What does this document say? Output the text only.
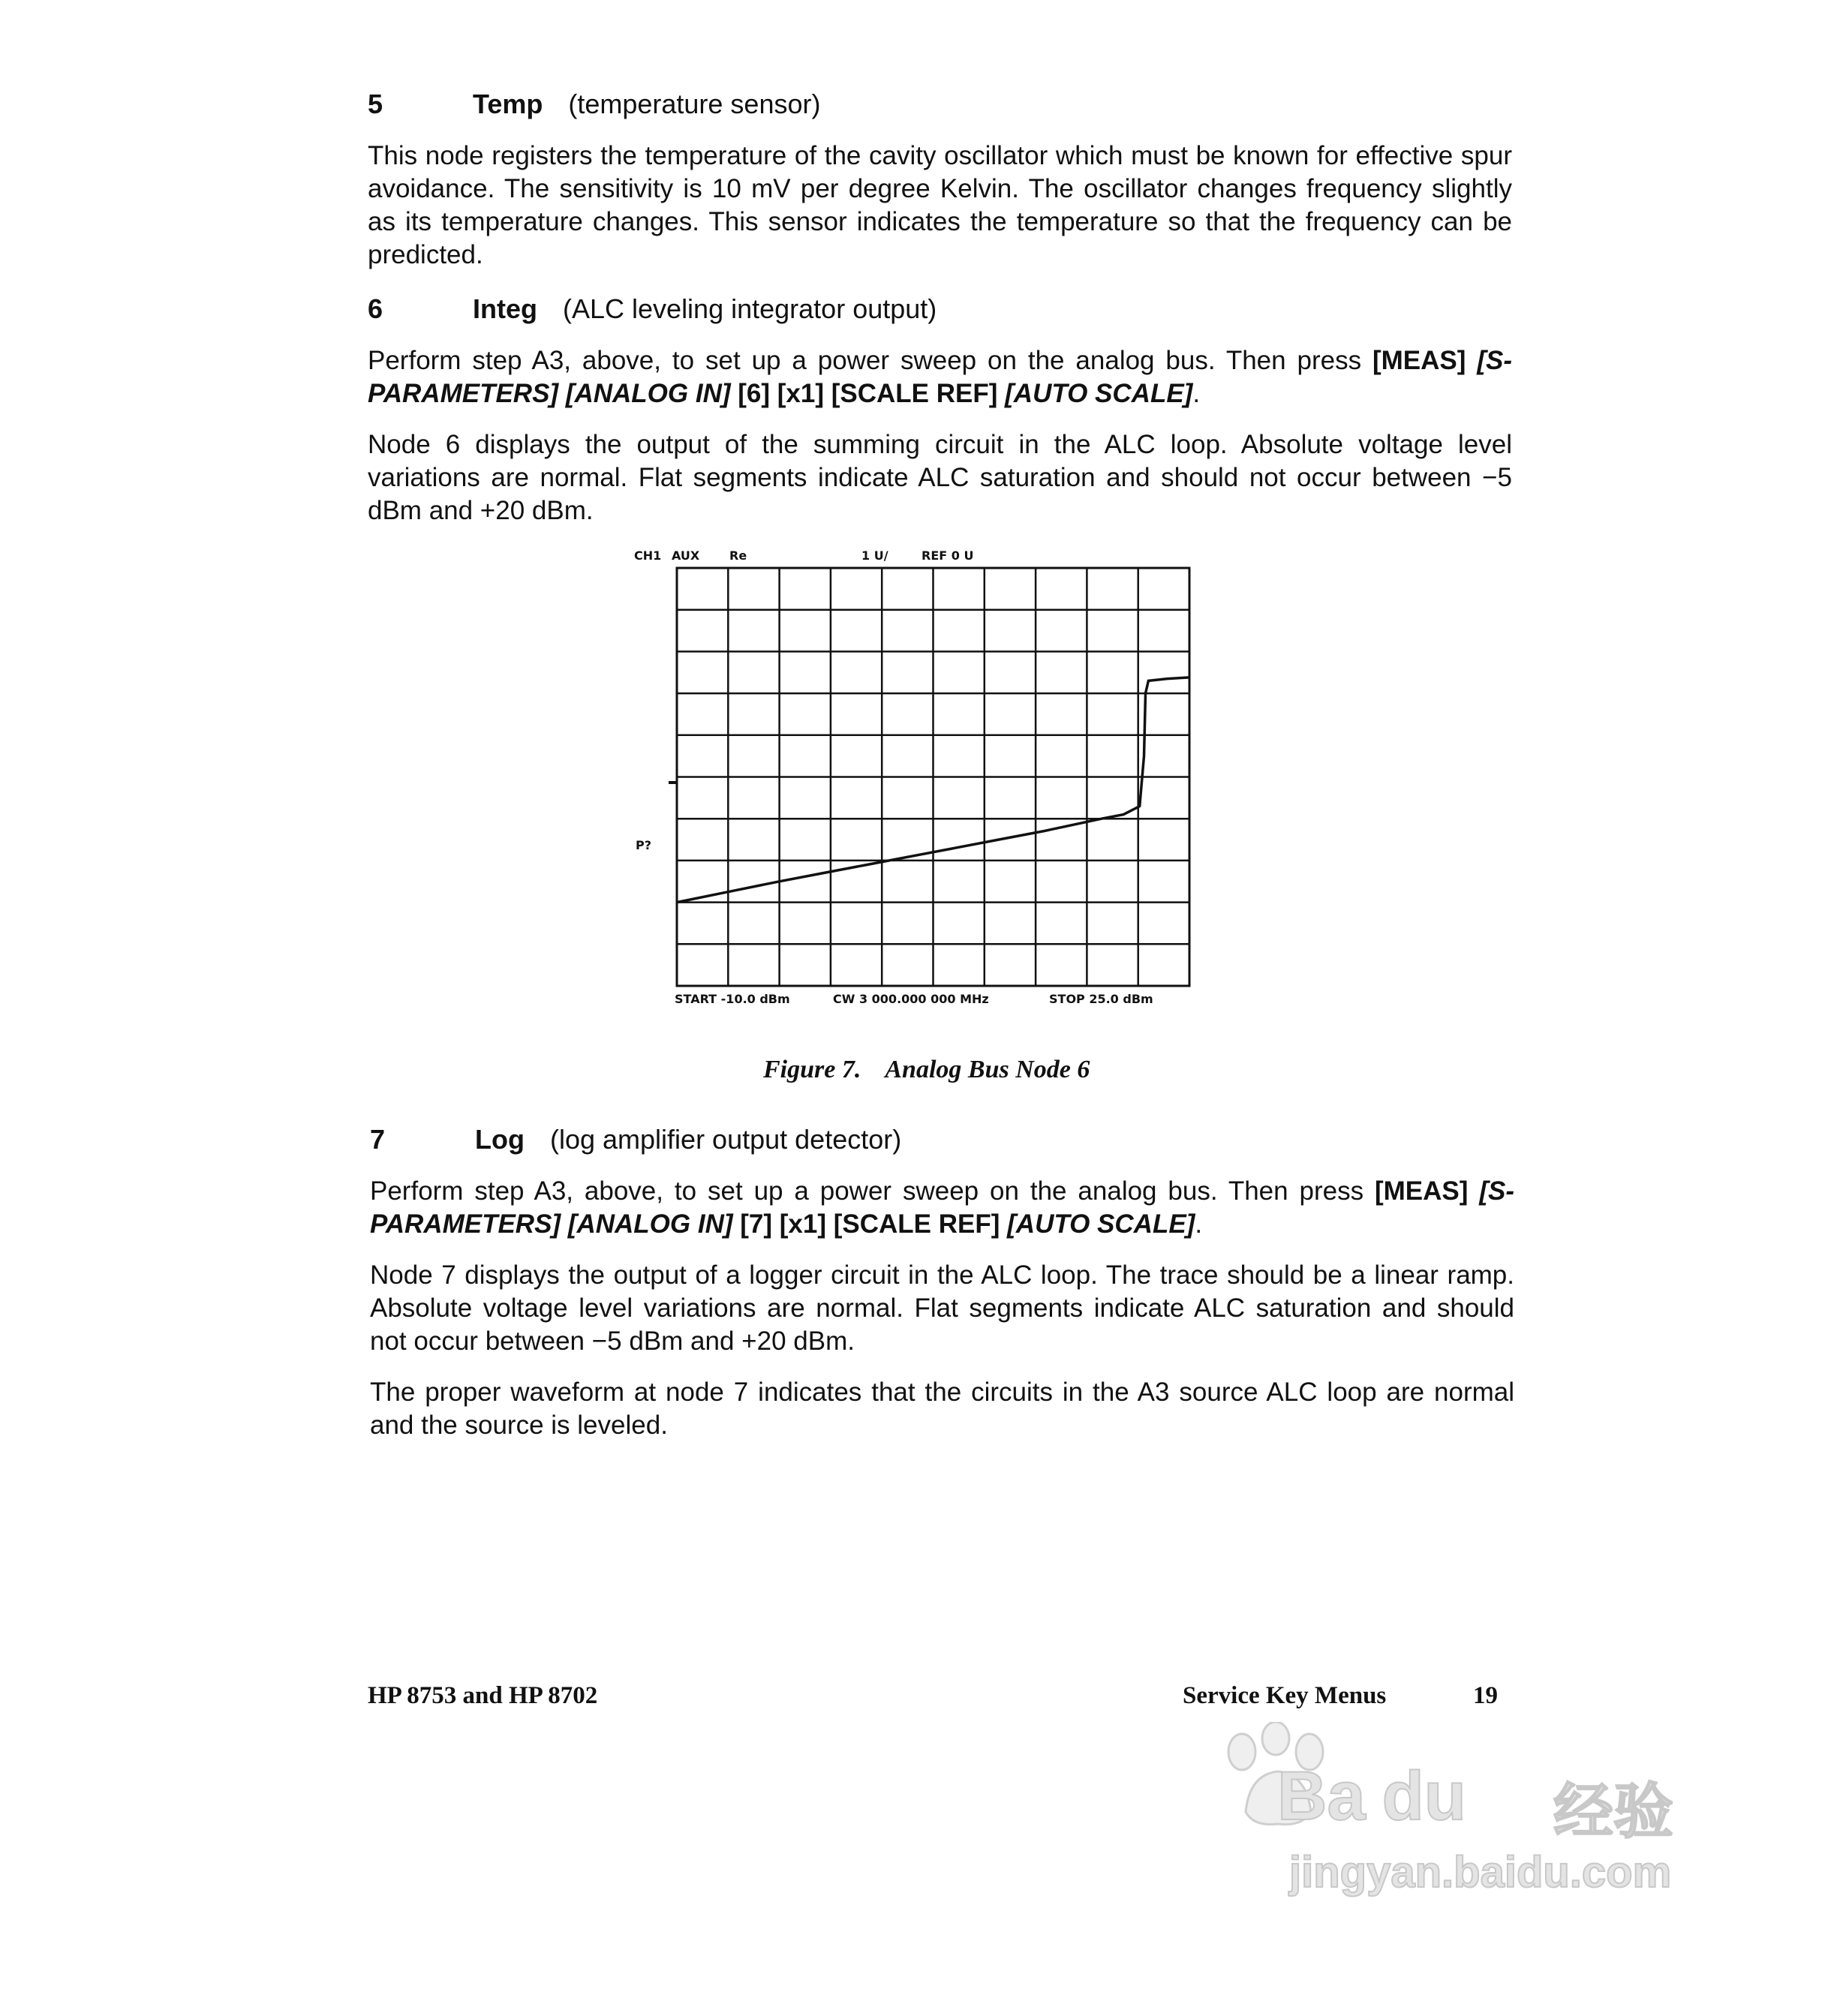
5	Temp (temperature sensor)
This node registers the temperature of the cavity oscillator which must be known for effective spur avoidance. The sensitivity is 10 mV per degree Kelvin. The oscillator changes frequency slightly as its temperature changes. This sensor indicates the temperature so that the frequency can be predicted.
6	Integ (ALC leveling integrator output)
Perform step A3, above, to set up a power sweep on the analog bus. Then press [MEAS] [S-PARAMETERS] [ANALOG IN] [6] [x1] [SCALE REF] [AUTO SCALE].
Node 6 displays the output of the summing circuit in the ALC loop. Absolute voltage level variations are normal. Flat segments indicate ALC saturation and should not occur between −5 dBm and +20 dBm.
CH1 AUX Re	1 U/	REF 0 U
P?
START -10.0 dBm	CW 3 000.000 000 MHz	STOP 25.0 dBm
Figure 7. Analog Bus Node 6
7	Log (log amplifier output detector)
Perform step A3, above, to set up a power sweep on the analog bus. Then press [MEAS] [S-PARAMETERS] [ANALOG IN] [7] [x1] [SCALE REF] [AUTO SCALE].
Node 7 displays the output of a logger circuit in the ALC loop. The trace should be a linear ramp. Absolute voltage level variations are normal. Flat segments indicate ALC saturation and should not occur between −5 dBm and +20 dBm.
The proper waveform at node 7 indicates that the circuits in the A3 source ALC loop are normal and the source is leveled.
HP 8753 and HP 8702	Service Key Menus	19
Ba du 经验
jingyan.baidu.com
